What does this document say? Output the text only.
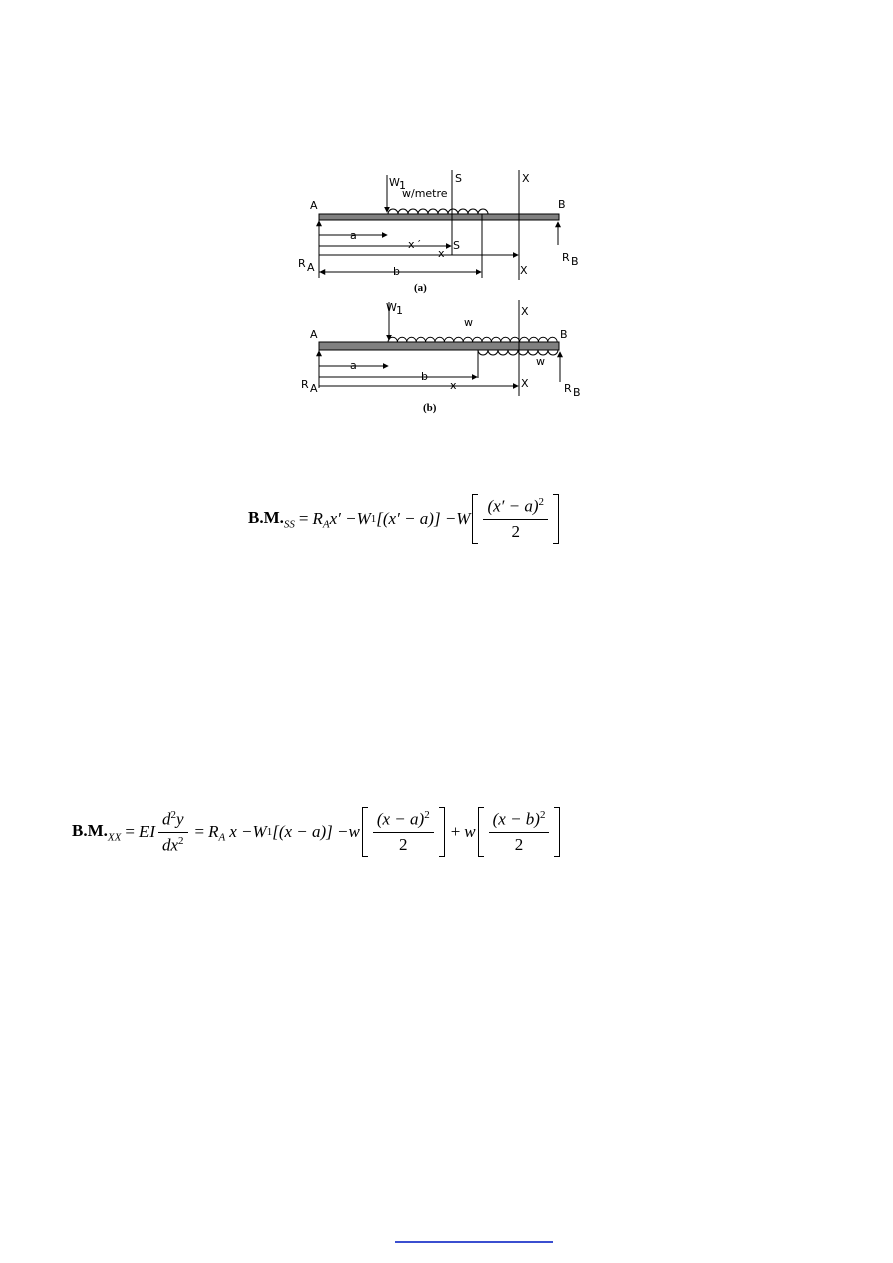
A	B
W 1
w/metre
S	X
a
x ′	S
x
R A	b	X
R B
(a)
A	B
W 1
w
X
w
a
b
x	X
R A	R B
(b)
$B.M._{SS} = R$ $_A$ x′ − W 1 [(x′ − a)] − W $\frac{(x' - a)^2}{2}$
$B.M._{XX}$ = EI $\frac{d^2y}{dx^2} = R$ $_A$ x − W 1 [(x − a)] − w $\frac{(x - a)^2}{2} + w \frac{(x - b)^2}{2}$
